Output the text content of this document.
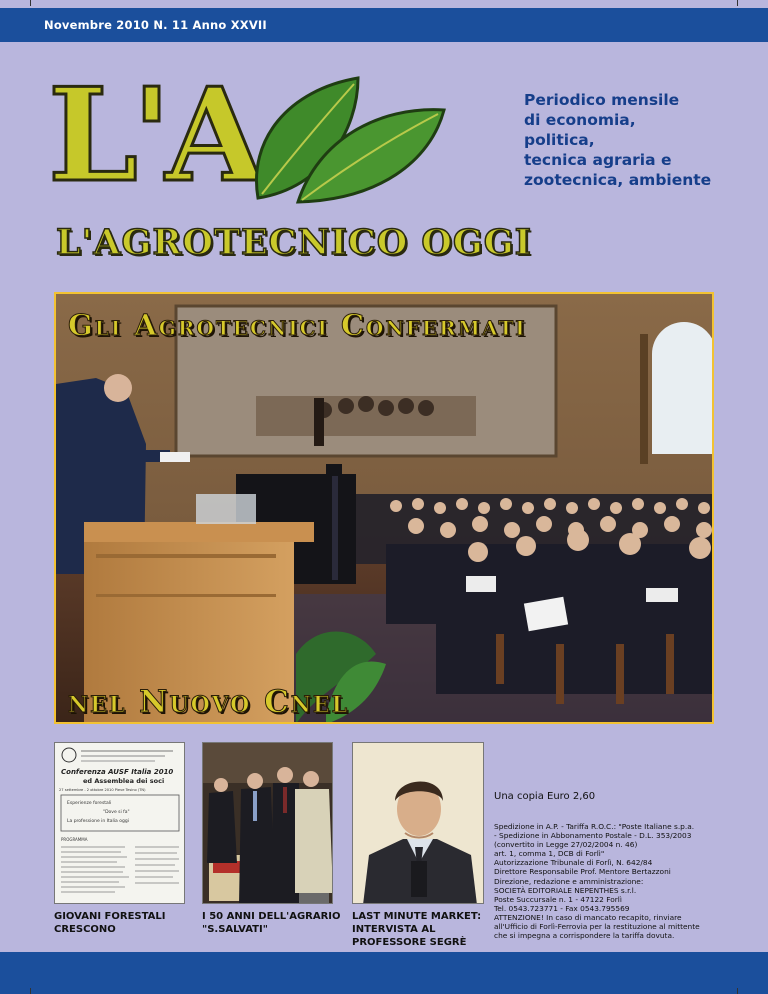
Novembre 2010 N. 11 Anno XXVII
L'A
L'AGROTECNICO OGGI
Periodico mensile
di economia,
politica,
tecnica agraria e
zootecnica, ambiente
Gli Agrotecnici Confermati
nel Nuovo Cnel
Conferenza AUSF Italia 2010
ed Assemblea dei soci
27 settembre - 2 ottobre 2010 Pieve Tesino (TN)
Esperienze forestali
"Dove si fa"
La professione in Italia oggi
PROGRAMMA
GIOVANI FORESTALI
CRESCONO
I 50 ANNI DELL'AGRARIO
"S.SALVATI"
LAST MINUTE MARKET:
INTERVISTA AL
PROFESSORE SEGRÈ
Una copia Euro 2,60
Spedizione in A.P. - Tariffa R.O.C.: "Poste Italiane s.p.a.
- Spedizione in Abbonamento Postale - D.L. 353/2003
(convertito in Legge 27/02/2004 n. 46)
art. 1, comma 1, DCB di Forlì"
Autorizzazione Tribunale di Forlì, N. 642/84
Direttore Responsabile Prof. Mentore Bertazzoni
Direzione, redazione e amministrazione:
SOCIETÀ EDITORIALE NEPENTHES s.r.l.
Poste Succursale n. 1 - 47122 Forlì
Tel. 0543.723771 - Fax 0543.795569
ATTENZIONE! In caso di mancato recapito, rinviare
all'Ufficio di Forlì-Ferrovia per la restituzione al mittente
che si impegna a corrispondere la tariffa dovuta.
